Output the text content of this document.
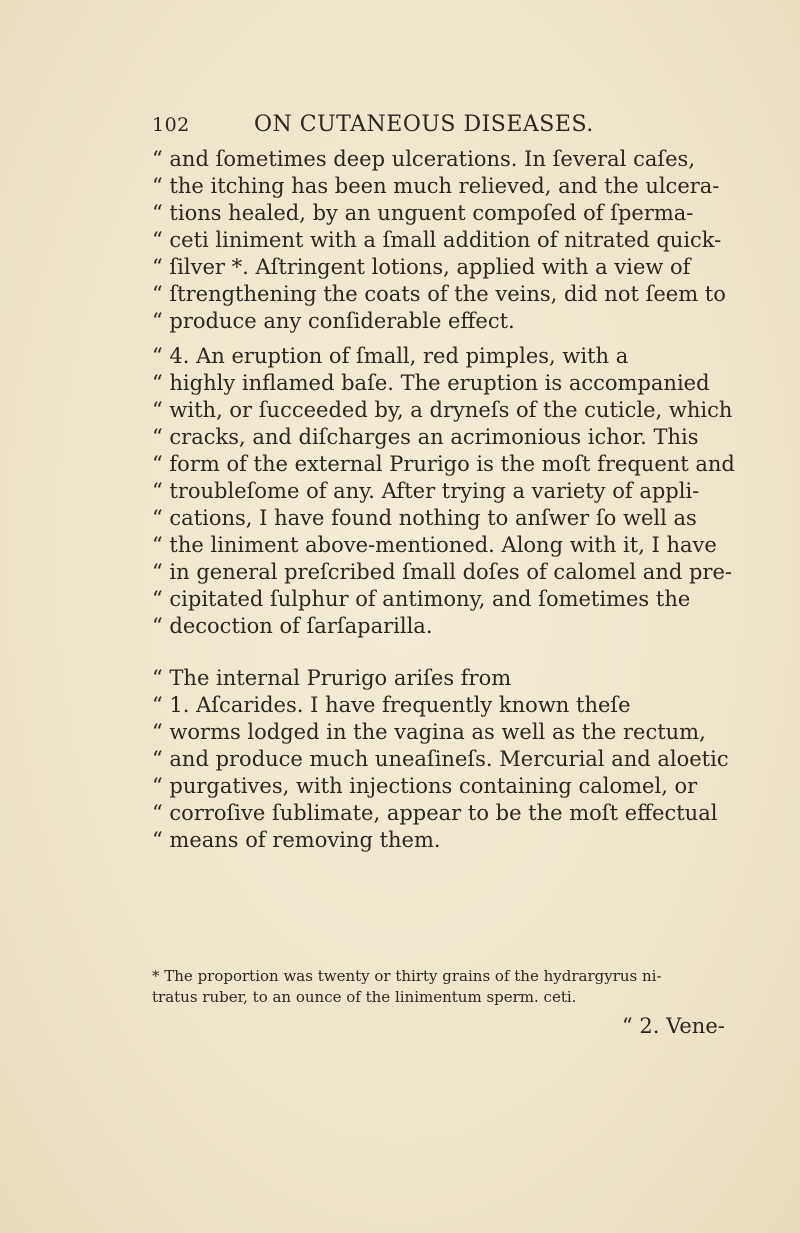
102	ON CUTANEOUS DISEASES.
“ and ſometimes deep ulcerations. In ſeveral caſes,
“ the itching has been much relieved, and the ulcera-
“ tions healed, by an unguent compoſed of ſperma-
“ ceti liniment with a ſmall addition of nitrated quick-
“ ſilver *. Aſtringent lotions, applied with a view of
“ ſtrengthening the coats of the veins, did not ſeem to
“ produce any conſiderable effect.
“ 4. An eruption of ſmall, red pimples, with a
“ highly inflamed baſe. The eruption is accompanied
“ with, or ſucceeded by, a dryneſs of the cuticle, which
“ cracks, and diſcharges an acrimonious ichor. This
“ form of the external Prurigo is the moſt frequent and
“ troubleſome of any. After trying a variety of appli-
“ cations, I have found nothing to anſwer ſo well as
“ the liniment above-mentioned. Along with it, I have
“ in general preſcribed ſmall doſes of calomel and pre-
“ cipitated ſulphur of antimony, and ſometimes the
“ decoction of ſarſaparilla.
“ The internal Prurigo ariſes from
“ 1. Aſcarides. I have frequently known theſe
“ worms lodged in the vagina as well as the rectum,
“ and produce much uneaſineſs. Mercurial and aloetic
“ purgatives, with injections containing calomel, or
“ corroſive ſublimate, appear to be the moſt effectual
“ means of removing them.
* The proportion was twenty or thirty grains of the hydrargyrus ni-
tratus ruber, to an ounce of the linimentum sperm. ceti.
“ 2. Vene-
